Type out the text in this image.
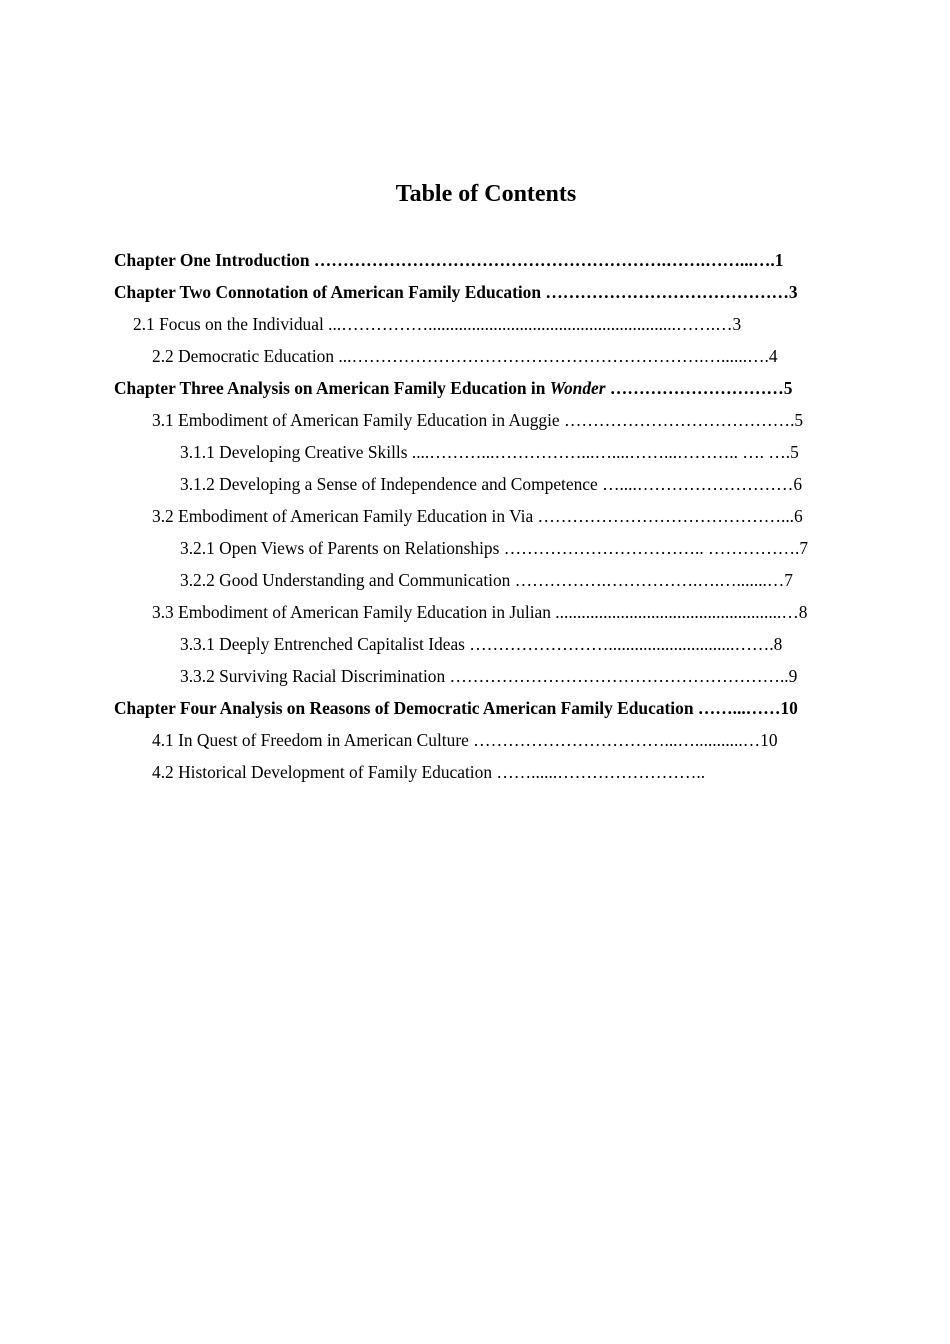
Table of Contents
Chapter One Introduction …………………………………………………….…….……...….1
Chapter Two Connotation of American Family Education ……………………………………3
2.1 Focus on the Individual ...…………….........................................................…….…3
2.2 Democratic Education ...…………………………………………………….…......….4
Chapter Three Analysis on American Family Education in Wonder …………………………5
3.1 Embodiment of American Family Education in Auggie ………………………………….5
3.1.1 Developing Creative Skills ....………...……………...…....……...……….. …. ….5
3.1.2 Developing a Sense of Independence and Competence …....………………………6
3.2 Embodiment of American Family Education in Via ……………………………………...6
3.2.1 Open Views of Parents on Relationships …………………………….. …………….7
3.2.2 Good Understanding and Communication …………….…………….….….......…7
3.3 Embodiment of American Family Education in Julian ....................................................…8
3.3.1 Deeply Entrenched Capitalist Ideas …………………….............................…….8
3.3.2 Surviving Racial Discrimination …………………………………………………..9
Chapter Four Analysis on Reasons of Democratic American Family Education ……...……10
4.1 In Quest of Freedom in American Culture ……………………………...…...........…10
4.2 Historical Development of Family Education ……......……………………..
